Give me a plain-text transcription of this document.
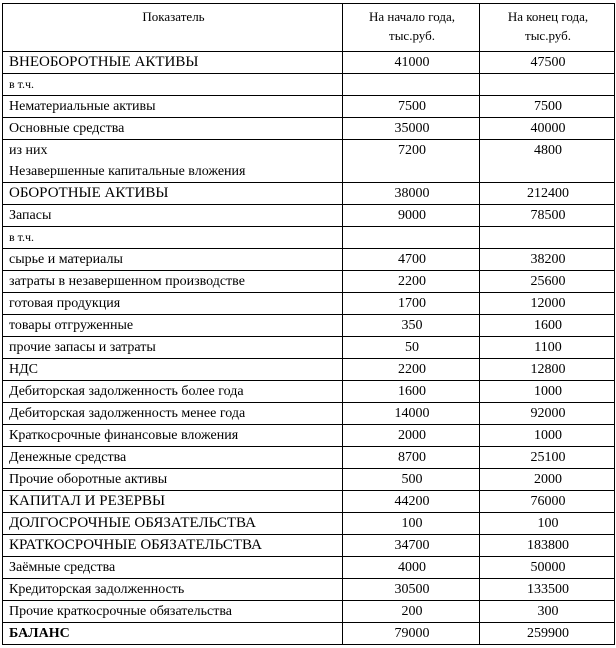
Показатель	На начало года, тыс.руб.	На конец года, тыс.руб.
ВНЕОБОРОТНЫЕ АКТИВЫ	41000	47500
в т.ч.		
Нематериальные активы	7500	7500
Основные средства	35000	40000

из них
Незавершенные капитальные вложения	7200	4800
ОБОРОТНЫЕ АКТИВЫ	38000	212400
Запасы	9000	78500
в т.ч.		
сырье и материалы	4700	38200
затраты в незавершенном производстве	2200	25600
готовая продукция	1700	12000
товары отгруженные	350	1600
прочие запасы и затраты	50	1100
НДС	2200	12800
Дебиторская задолженность более года	1600	1000
Дебиторская задолженность менее года	14000	92000
Краткосрочные финансовые вложения	2000	1000
Денежные средства	8700	25100
Прочие оборотные активы	500	2000
КАПИТАЛ И РЕЗЕРВЫ	44200	76000
ДОЛГОСРОЧНЫЕ ОБЯЗАТЕЛЬСТВА	100	100
КРАТКОСРОЧНЫЕ ОБЯЗАТЕЛЬСТВА	34700	183800
Заёмные средства	4000	50000
Кредиторская задолженность	30500	133500
Прочие краткосрочные обязательства	200	300
БАЛАНС	79000	259900
